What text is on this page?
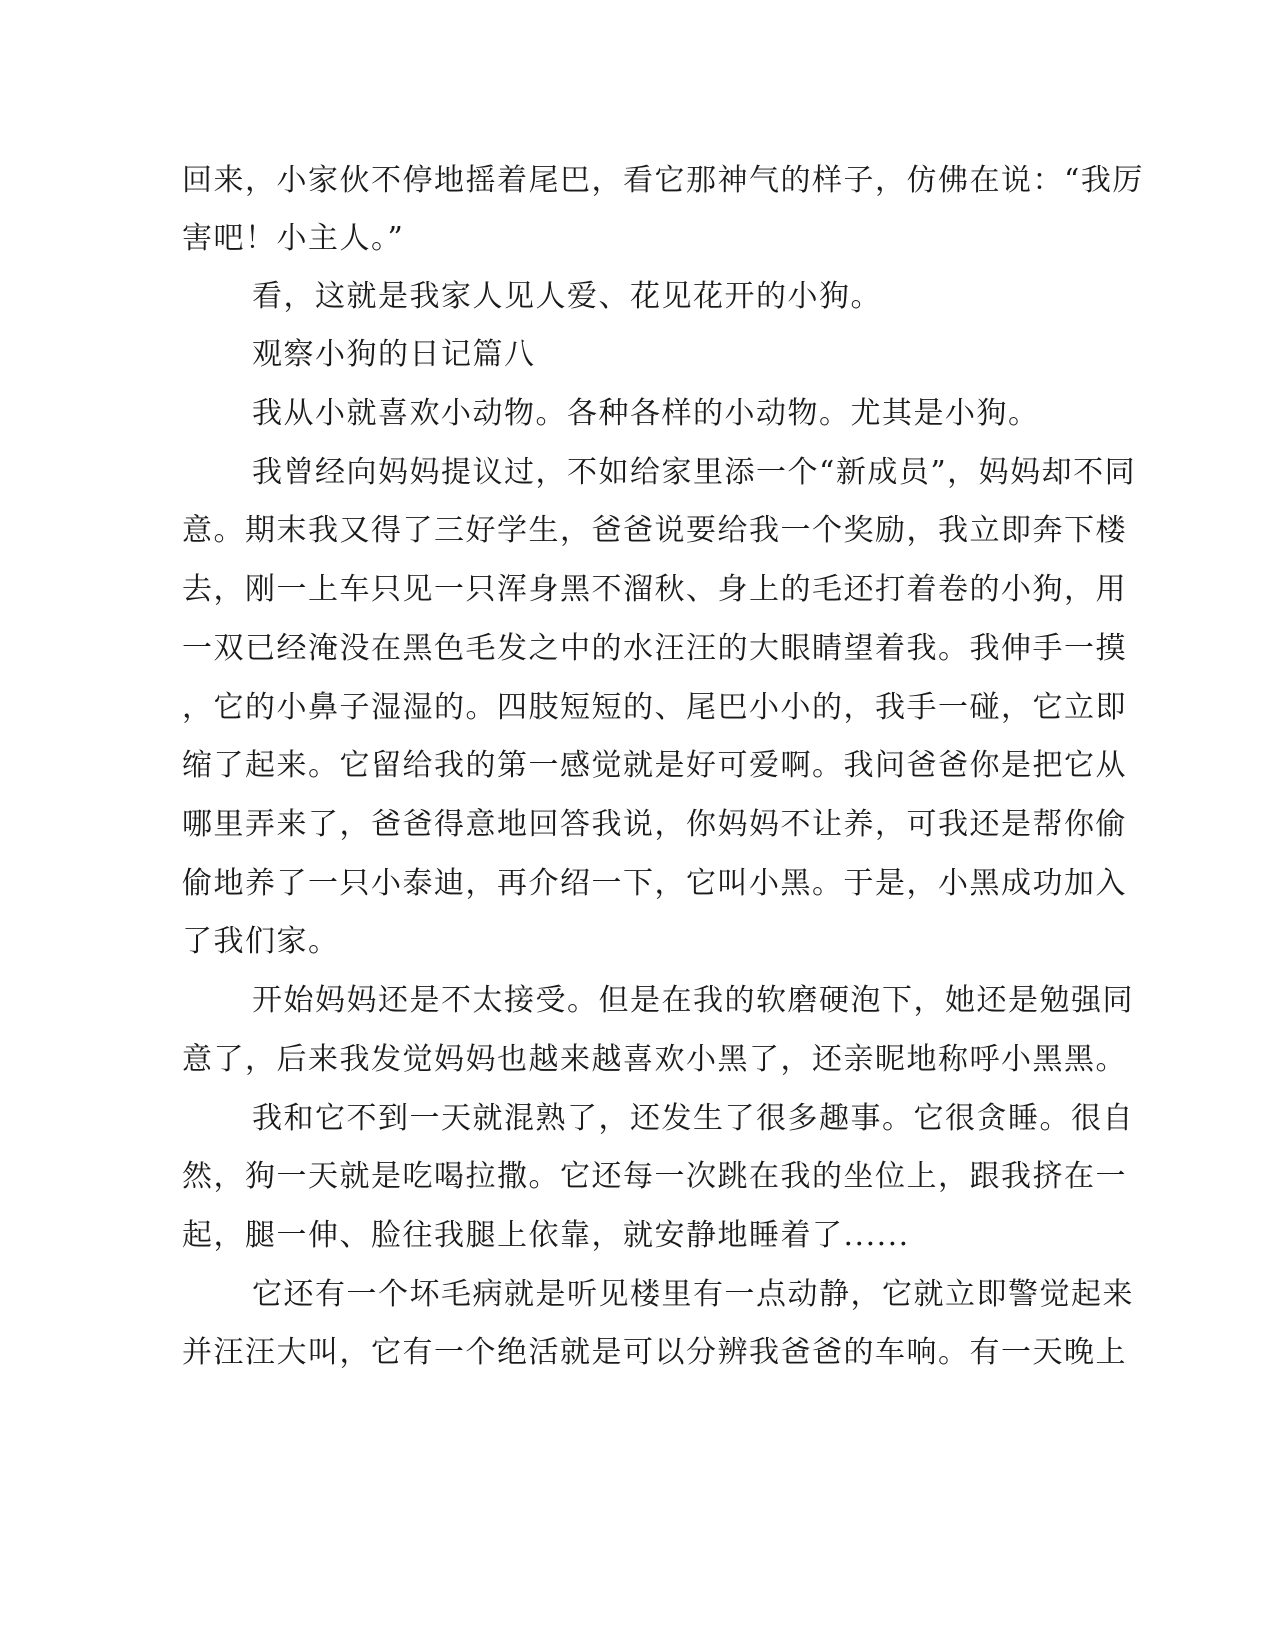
回来，小家伙不停地摇着尾巴，看它那神气的样子，仿佛在说：“我厉
害吧！小主人。”
看，这就是我家人见人爱、花见花开的小狗。
观察小狗的日记篇八
我从小就喜欢小动物。各种各样的小动物。尤其是小狗。
我曾经向妈妈提议过，不如给家里添一个“新成员”，妈妈却不同
意。期末我又得了三好学生，爸爸说要给我一个奖励，我立即奔下楼
去，刚一上车只见一只浑身黑不溜秋、身上的毛还打着卷的小狗，用
一双已经淹没在黑色毛发之中的水汪汪的大眼睛望着我。我伸手一摸
，它的小鼻子湿湿的。四肢短短的、尾巴小小的，我手一碰，它立即
缩了起来。它留给我的第一感觉就是好可爱啊。我问爸爸你是把它从
哪里弄来了，爸爸得意地回答我说，你妈妈不让养，可我还是帮你偷
偷地养了一只小泰迪，再介绍一下，它叫小黑。于是，小黑成功加入
了我们家。
开始妈妈还是不太接受。但是在我的软磨硬泡下，她还是勉强同
意了，后来我发觉妈妈也越来越喜欢小黑了，还亲昵地称呼小黑黑。
我和它不到一天就混熟了，还发生了很多趣事。它很贪睡。很自
然，狗一天就是吃喝拉撒。它还每一次跳在我的坐位上，跟我挤在一
起，腿一伸、脸往我腿上依靠，就安静地睡着了......
它还有一个坏毛病就是听见楼里有一点动静，它就立即警觉起来
并汪汪大叫，它有一个绝活就是可以分辨我爸爸的车响。有一天晚上
